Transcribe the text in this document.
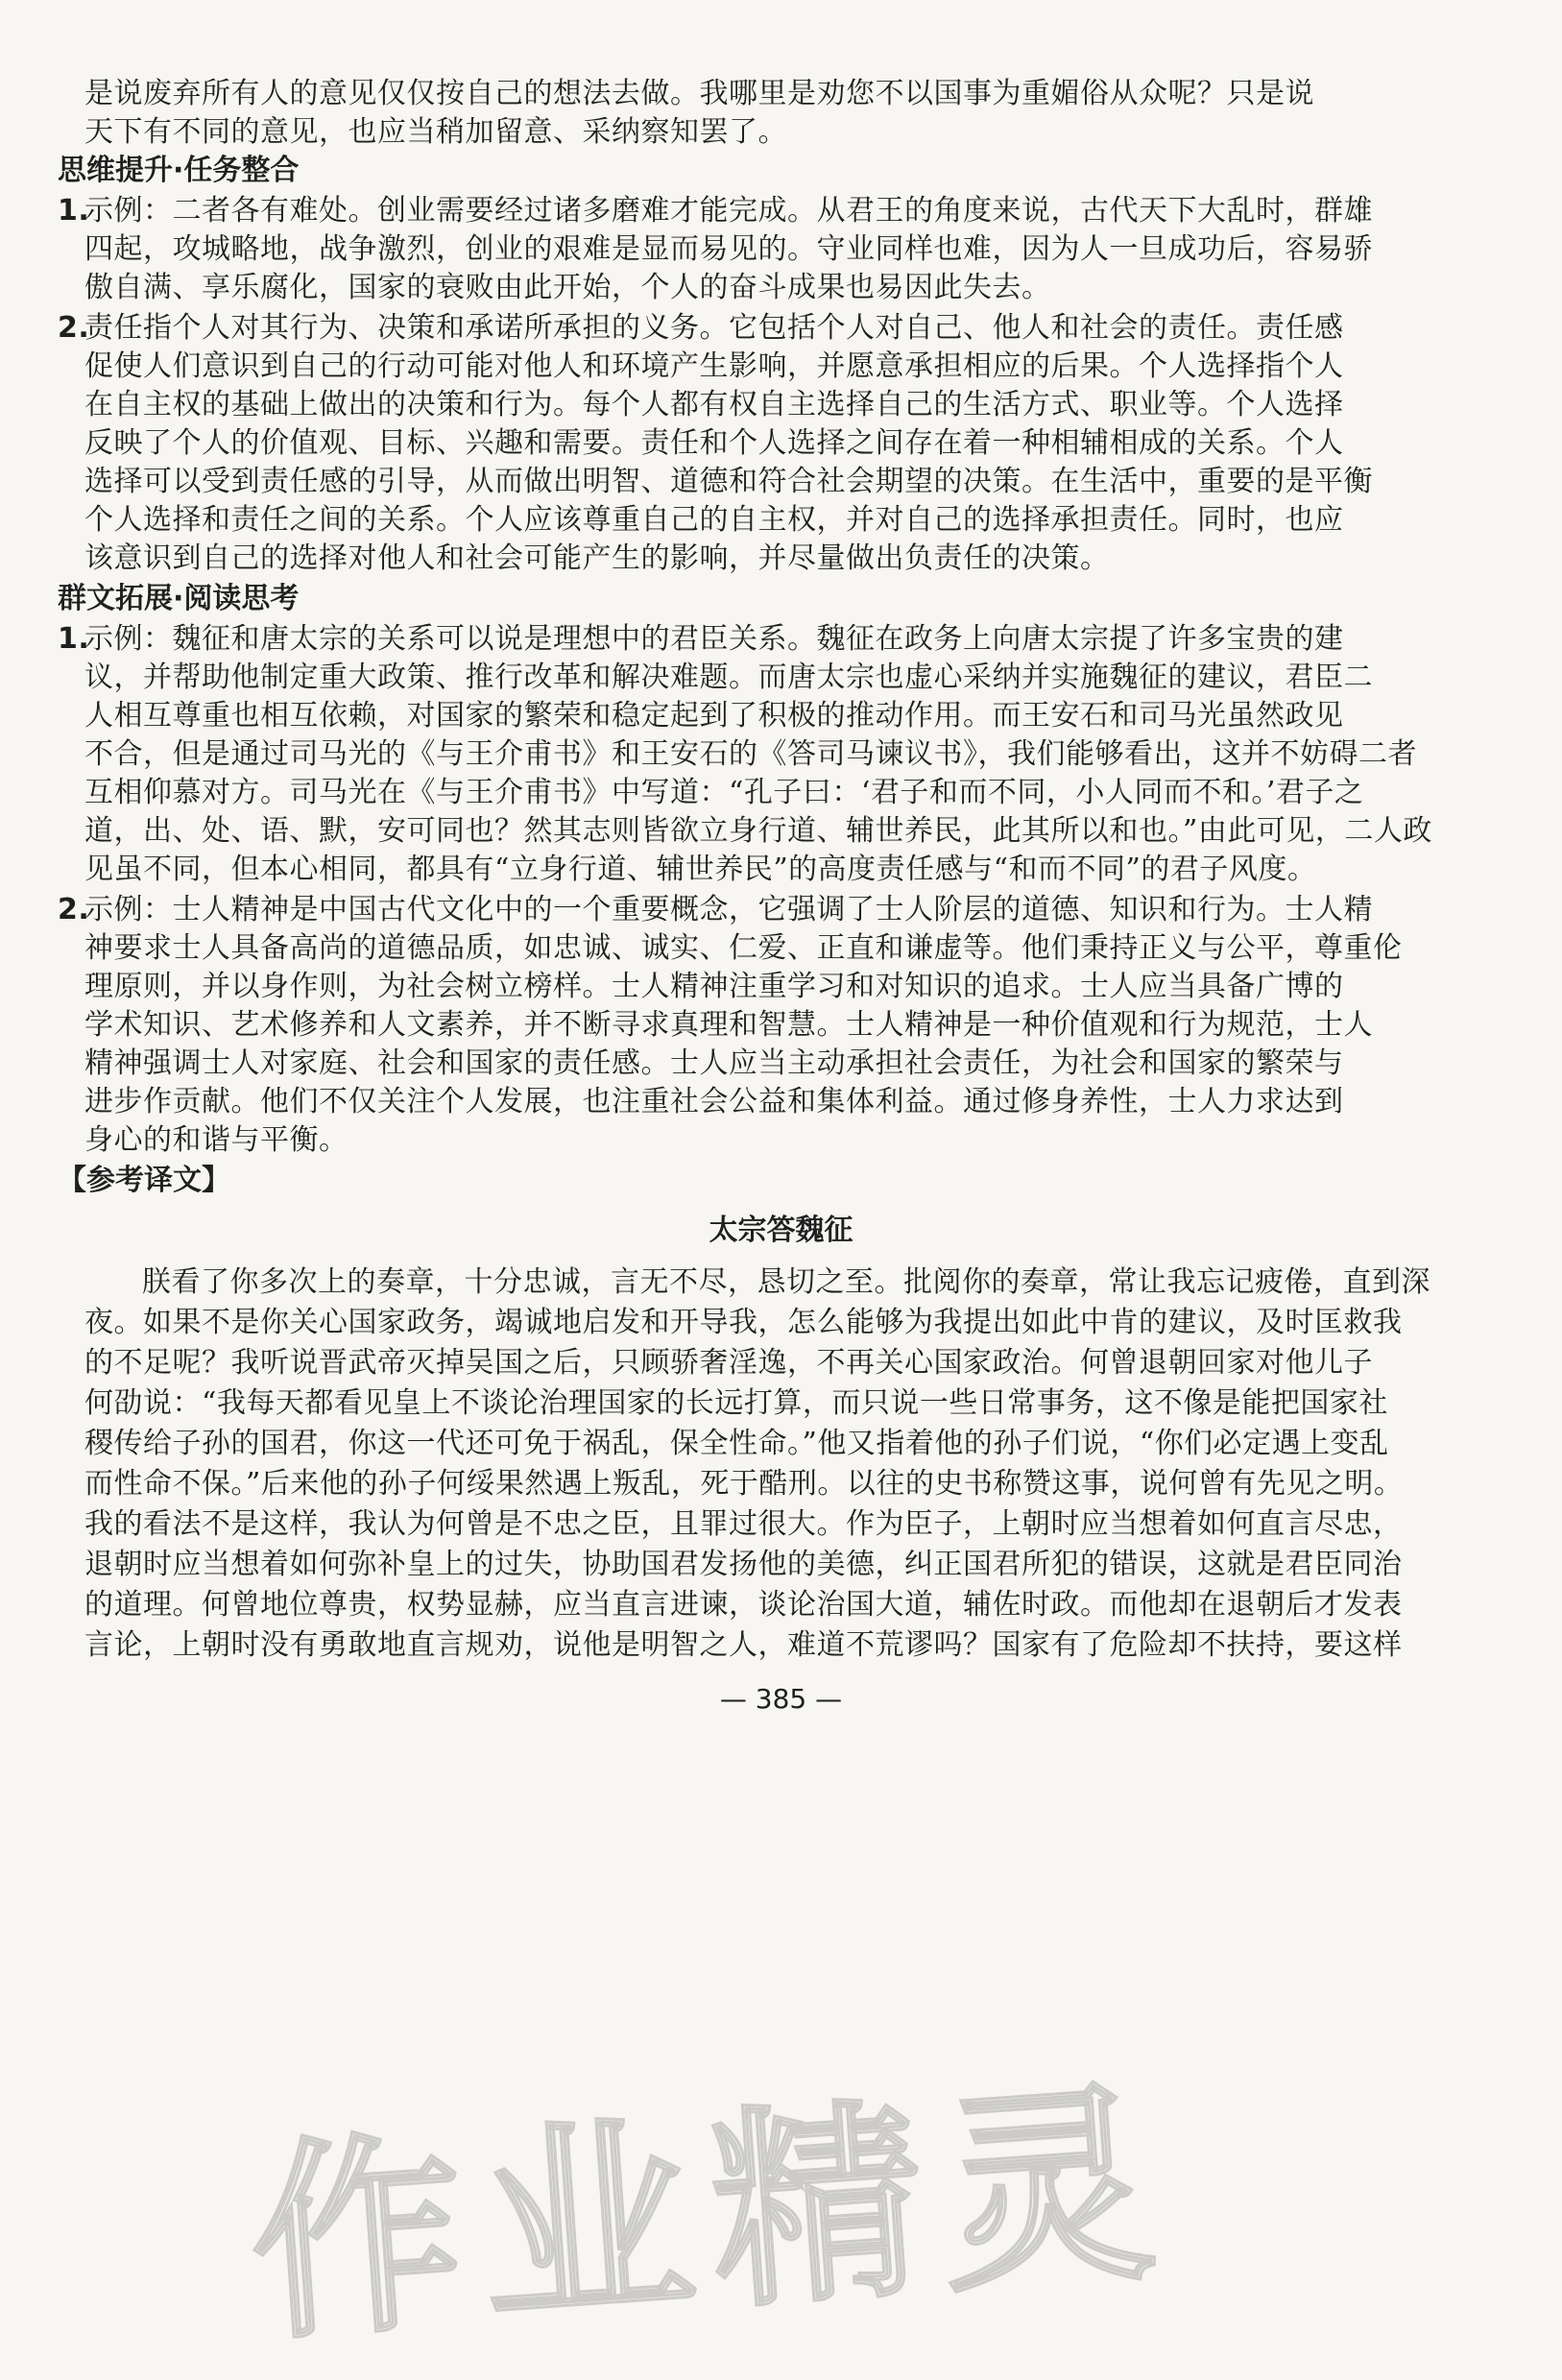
是说废弃所有人的意见仅仅按自己的想法去做。我哪里是劝您不以国事为重媚俗从众呢？只是说

天下有不同的意见，也应当稍加留意、采纳察知罢了。

思维提升·任务整合

1.

示例：二者各有难处。创业需要经过诸多磨难才能完成。从君王的角度来说，古代天下大乱时，群雄

四起，攻城略地，战争激烈，创业的艰难是显而易见的。守业同样也难，因为人一旦成功后，容易骄

傲自满、享乐腐化，国家的衰败由此开始，个人的奋斗成果也易因此失去。

2.

责任指个人对其行为、决策和承诺所承担的义务。它包括个人对自己、他人和社会的责任。责任感

促使人们意识到自己的行动可能对他人和环境产生影响，并愿意承担相应的后果。个人选择指个人

在自主权的基础上做出的决策和行为。每个人都有权自主选择自己的生活方式、职业等。个人选择

反映了个人的价值观、目标、兴趣和需要。责任和个人选择之间存在着一种相辅相成的关系。个人

选择可以受到责任感的引导，从而做出明智、道德和符合社会期望的决策。在生活中，重要的是平衡

个人选择和责任之间的关系。个人应该尊重自己的自主权，并对自己的选择承担责任。同时，也应

该意识到自己的选择对他人和社会可能产生的影响，并尽量做出负责任的决策。

群文拓展·阅读思考

1.

示例：魏征和唐太宗的关系可以说是理想中的君臣关系。魏征在政务上向唐太宗提了许多宝贵的建

议，并帮助他制定重大政策、推行改革和解决难题。而唐太宗也虚心采纳并实施魏征的建议，君臣二

人相互尊重也相互依赖，对国家的繁荣和稳定起到了积极的推动作用。而王安石和司马光虽然政见

不合，但是通过司马光的《与王介甫书》和王安石的《答司马谏议书》，我们能够看出，这并不妨碍二者

互相仰慕对方。司马光在《与王介甫书》中写道：“孔子曰：‘君子和而不同，小人同而不和。’君子之

道，出、处、语、默，安可同也？然其志则皆欲立身行道、辅世养民，此其所以和也。”由此可见，二人政

见虽不同，但本心相同，都具有“立身行道、辅世养民”的高度责任感与“和而不同”的君子风度。

2.

示例：士人精神是中国古代文化中的一个重要概念，它强调了士人阶层的道德、知识和行为。士人精

神要求士人具备高尚的道德品质，如忠诚、诚实、仁爱、正直和谦虚等。他们秉持正义与公平，尊重伦

理原则，并以身作则，为社会树立榜样。士人精神注重学习和对知识的追求。士人应当具备广博的

学术知识、艺术修养和人文素养，并不断寻求真理和智慧。士人精神是一种价值观和行为规范，士人

精神强调士人对家庭、社会和国家的责任感。士人应当主动承担社会责任，为社会和国家的繁荣与

进步作贡献。他们不仅关注个人发展，也注重社会公益和集体利益。通过修身养性，士人力求达到

身心的和谐与平衡。

【参考译文】

太宗答魏征

朕看了你多次上的奏章，十分忠诚，言无不尽，恳切之至。批阅你的奏章，常让我忘记疲倦，直到深

夜。如果不是你关心国家政务，竭诚地启发和开导我，怎么能够为我提出如此中肯的建议，及时匡救我

的不足呢？我听说晋武帝灭掉吴国之后，只顾骄奢淫逸，不再关心国家政治。何曾退朝回家对他儿子

何劭说：“我每天都看见皇上不谈论治理国家的长远打算，而只说一些日常事务，这不像是能把国家社

稷传给子孙的国君，你这一代还可免于祸乱，保全性命。”他又指着他的孙子们说，“你们必定遇上变乱

而性命不保。”后来他的孙子何绥果然遇上叛乱，死于酷刑。以往的史书称赞这事，说何曾有先见之明。

我的看法不是这样，我认为何曾是不忠之臣，且罪过很大。作为臣子，上朝时应当想着如何直言尽忠，

退朝时应当想着如何弥补皇上的过失，协助国君发扬他的美德，纠正国君所犯的错误，这就是君臣同治

的道理。何曾地位尊贵，权势显赫，应当直言进谏，谈论治国大道，辅佐时政。而他却在退朝后才发表

言论，上朝时没有勇敢地直言规劝，说他是明智之人，难道不荒谬吗？国家有了危险却不扶持，要这样

— 385 —

作业精灵
